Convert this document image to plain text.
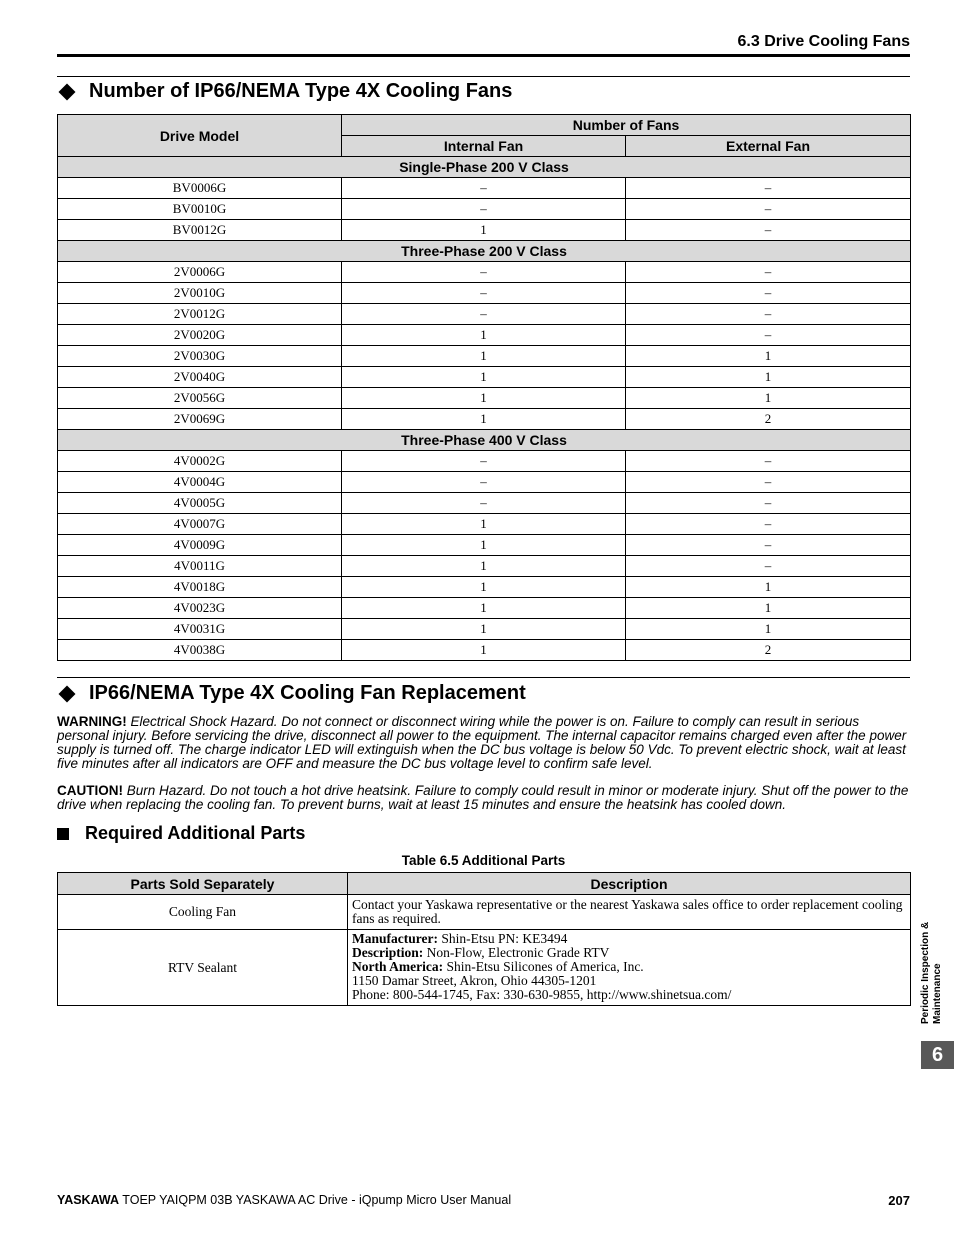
6.3 Drive Cooling Fans
Number of IP66/NEMA Type 4X Cooling Fans
Drive Model	Number of Fans	
	Internal Fan	External Fan
Single-Phase 200 V Class		
BV0006G	–	–
BV0010G	–	–
BV0012G	1	–
Three-Phase 200 V Class		
2V0006G	–	–
2V0010G	–	–
2V0012G	–	–
2V0020G	1	–
2V0030G	1	1
2V0040G	1	1
2V0056G	1	1
2V0069G	1	2
Three-Phase 400 V Class		
4V0002G	–	–
4V0004G	–	–
4V0005G	–	–
4V0007G	1	–
4V0009G	1	–
4V0011G	1	–
4V0018G	1	1
4V0023G	1	1
4V0031G	1	1
4V0038G	1	2
IP66/NEMA Type 4X Cooling Fan Replacement
WARNING! Electrical Shock Hazard. Do not connect or disconnect wiring while the power is on. Failure to comply can result in serious personal injury. Before servicing the drive, disconnect all power to the equipment. The internal capacitor remains charged even after the power supply is turned off. The charge indicator LED will extinguish when the DC bus voltage is below 50 Vdc. To prevent electric shock, wait at least five minutes after all indicators are OFF and measure the DC bus voltage level to confirm safe level.
CAUTION! Burn Hazard. Do not touch a hot drive heatsink. Failure to comply could result in minor or moderate injury. Shut off the power to the drive when replacing the cooling fan. To prevent burns, wait at least 15 minutes and ensure the heatsink has cooled down.
Required Additional Parts
Table 6.5 Additional Parts
Parts Sold Separately	Description
Cooling Fan	Contact your Yaskawa representative or the nearest Yaskawa sales office to order replacement cooling fans as required.
RTV Sealant	Manufacturer: Shin-Etsu PN: KE3494
Description: Non-Flow, Electronic Grade RTV
North America: Shin-Etsu Silicones of America, Inc.
1150 Damar Street, Akron, Ohio 44305-1201
Phone: 800-544-1745, Fax: 330-630-9855, http://www.shinetsua.com/	Periodic Inspection & Maintenance
6
YASKAWA TOEP YAIQPM 03B YASKAWA AC Drive - iQpump Micro User Manual	207
